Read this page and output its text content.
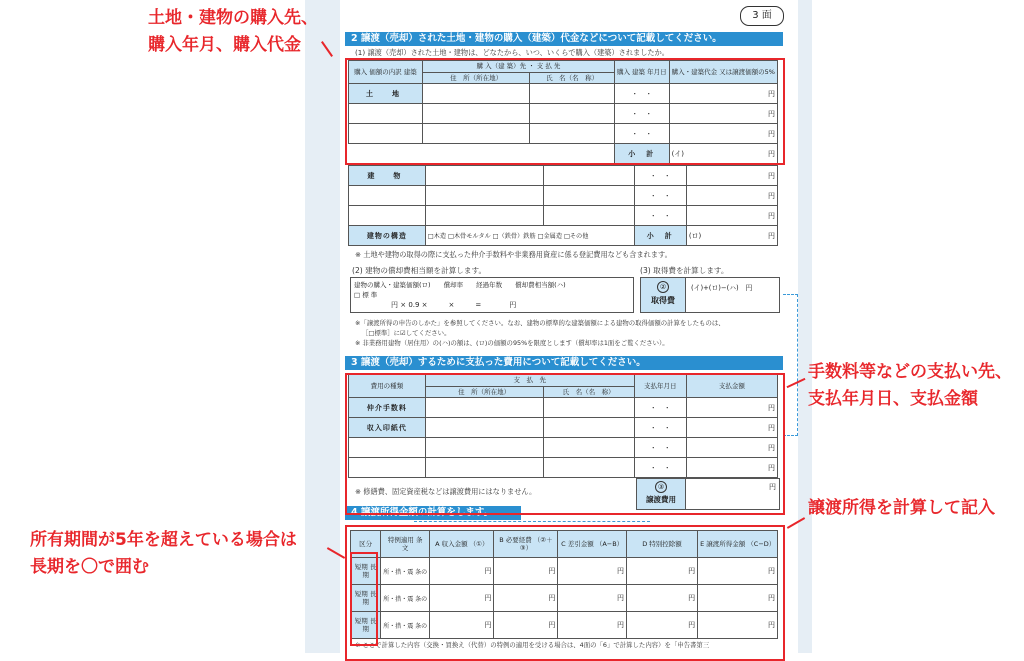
3 面
2 譲渡（売却）された土地・建物の購入（建築）代金などについて記載してください。
(1) 譲渡（売却）された土地・建物は、どなたから、いつ、いくらで購入（建築）されましたか。
購入 価額の内訳 建築	購 入（建 築）先 ・ 支 払 先		購入 建築 年月日	購入・建築代金 又は譲渡価額の5%
	住　所（所在地）	氏　名（名　称）		
土　地			・　・	円
			・　・	円
			・　・	円
			小　計	(イ) 円
建　物			・　・	円
			・　・	円
			・　・	円
建物の構造	□木造 □木骨モルタル □（鉄骨）鉄筋 □金属造 □その他		小　計	(ロ) 円
※ 土地や建物の取得の際に支払った仲介手数料や非業務用資産に係る登記費用なども含まれます。
(2) 建物の償却費相当額を計算します。	(3) 取得費を計算します。
建物の購入・建築価額(ロ)　　償却率　　経過年数　　償却費相当額(ハ)
□ 標 準
円 × 0.9 ×　　　×　　　=　　　　円
②
取得費
(イ)+(ロ)−(ハ)　円
※「譲渡所得の申告のしかた」を参照してください。なお、建物の標準的な建築価額による建物の取得価額の計算をしたものは、
［□標準］に☑してください。
※ 非業務用建物（居住用）の(ハ)の額は、(ロ)の価額の95%を限度とします（償却率は1面をご覧ください）。
3 譲渡（売却）するために支払った費用について記載してください。
費用の種類	支　払　先		支払年月日	支払金額
	住　所（所在地）	氏　名（名　称）		
仲介手数料			・　・	円
収入印紙代			・　・	円
			・　・	円
			・　・	円
※ 修繕費、固定資産税などは譲渡費用にはなりません。	③
譲渡費用
円
4 譲渡所得金額の計算をします。
区分	特例適用 条　文	A 収入金額 （①）	B 必要経費 （②＋③）	C 差引金額 （A−B）	D 特別控除額	E 譲渡所得金額 （C−D）
短期 長期	所・措・震 条の	円	円	円	円	円
短期 長期	所・措・震 条の	円	円	円	円	円
短期 長期	所・措・震 条の	円	円	円	円	円
※ ここで計算した内容（交換・買換え（代替）の特例の適用を受ける場合は、4面の「6」で計算した内容）を「申告書第三
土地・建物の購入先、
購入年月、購入代金
手数料等などの支払い先、
支払年月日、支払金額
譲渡所得を計算して記入
所有期間が5年を超えている場合は
長期を〇で囲む
